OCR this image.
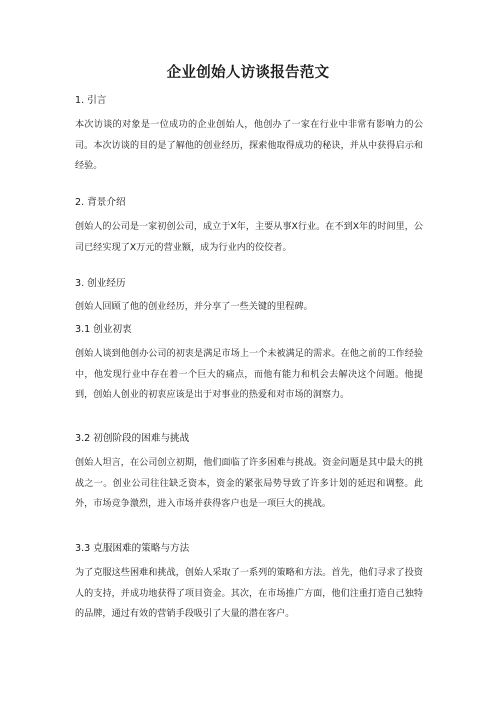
企业创始人访谈报告范文
1. 引言
本次访谈的对象是一位成功的企业创始人，他创办了一家在行业中非常有影响力的公司。本次访谈的目的是了解他的创业经历，探索他取得成功的秘诀，并从中获得启示和经验。
2. 背景介绍
创始人的公司是一家初创公司，成立于X年，主要从事X行业。在不到X年的时间里，公司已经实现了X万元的营业额，成为行业内的佼佼者。
3. 创业经历
创始人回顾了他的创业经历，并分享了一些关键的里程碑。
3.1 创业初衷
创始人谈到他创办公司的初衷是满足市场上一个未被满足的需求。在他之前的工作经验中，他发现行业中存在着一个巨大的痛点，而他有能力和机会去解决这个问题。他提到，创始人创业的初衷应该是出于对事业的热爱和对市场的洞察力。
3.2 初创阶段的困难与挑战
创始人坦言，在公司创立初期，他们面临了许多困难与挑战。资金问题是其中最大的挑战之一。创业公司往往缺乏资本，资金的紧张局势导致了许多计划的延迟和调整。此外，市场竞争激烈，进入市场并获得客户也是一项巨大的挑战。
3.3 克服困难的策略与方法
为了克服这些困难和挑战，创始人采取了一系列的策略和方法。首先，他们寻求了投资人的支持，并成功地获得了项目资金。其次，在市场推广方面，他们注重打造自己独特的品牌，通过有效的营销手段吸引了大量的潜在客户。
